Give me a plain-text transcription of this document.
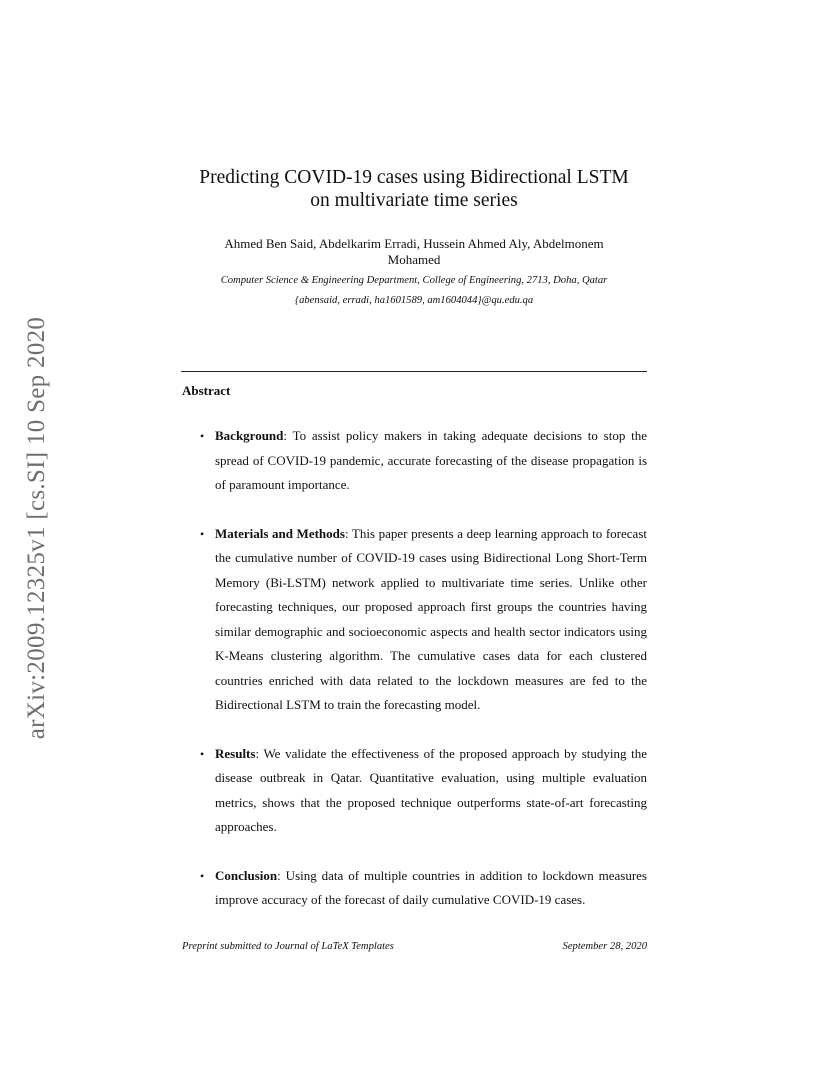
arXiv:2009.12325v1 [cs.SI] 10 Sep 2020
Predicting COVID-19 cases using Bidirectional LSTM
on multivariate time series
Ahmed Ben Said, Abdelkarim Erradi, Hussein Ahmed Aly, Abdelmonem
Mohamed
Computer Science & Engineering Department, College of Engineering, 2713, Doha, Qatar
{abensaid, erradi, ha1601589, am1604044}@qu.edu.qa
Abstract
• Background: To assist policy makers in taking adequate decisions to stop the spread of COVID-19 pandemic, accurate forecasting of the disease propagation is of paramount importance.
• Materials and Methods: This paper presents a deep learning approach to forecast the cumulative number of COVID-19 cases using Bidirectional Long Short-Term Memory (Bi-LSTM) network applied to multivariate time series. Unlike other forecasting techniques, our proposed approach first groups the countries having similar demographic and socioeconomic aspects and health sector indicators using K-Means clustering algorithm. The cumulative cases data for each clustered countries enriched with data related to the lockdown measures are fed to the Bidirectional LSTM to train the forecasting model.
• Results: We validate the effectiveness of the proposed approach by studying the disease outbreak in Qatar. Quantitative evaluation, using multiple evaluation metrics, shows that the proposed technique outperforms state-of-art forecasting approaches.
• Conclusion: Using data of multiple countries in addition to lockdown measures improve accuracy of the forecast of daily cumulative COVID-19 cases.
Preprint submitted to Journal of LaTeX Templates	September 28, 2020
